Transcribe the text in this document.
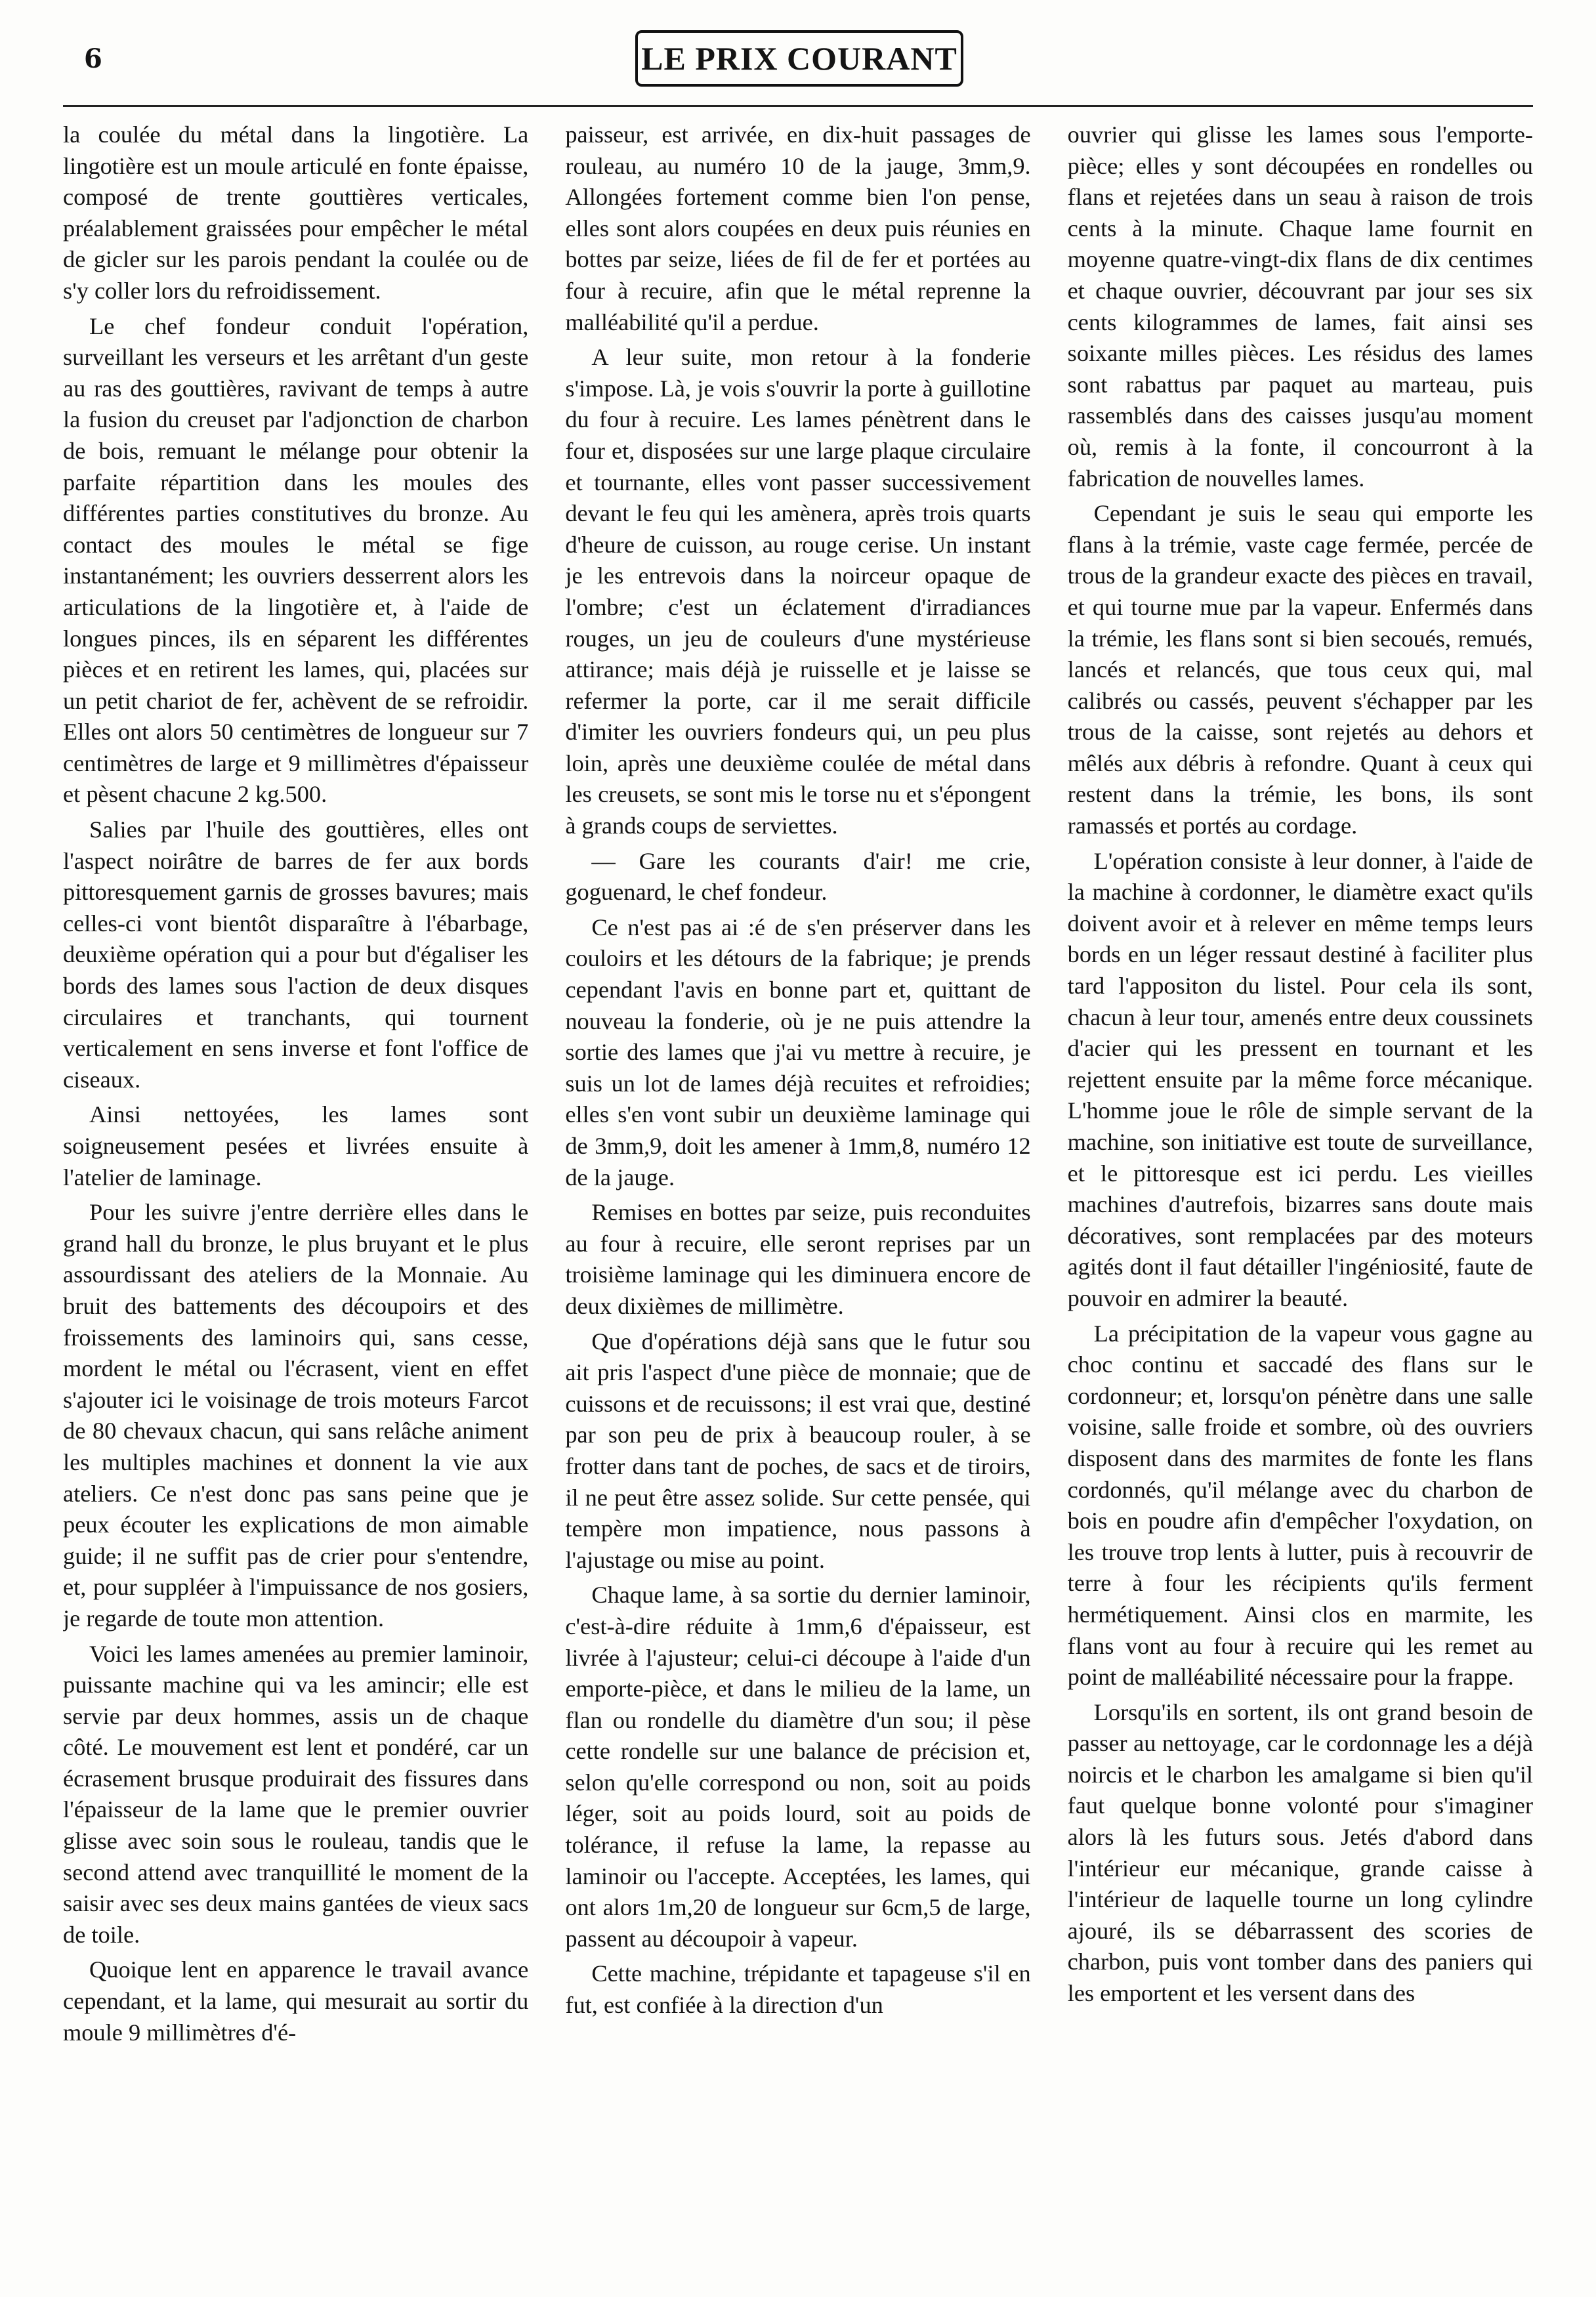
6	LE PRIX COURANT

la coulée du métal dans la lingotière. La lingotière est un moule articulé en fonte épaisse, composé de trente gouttières verticales, préalablement graissées pour empêcher le métal de gicler sur les parois pendant la coulée ou de s'y coller lors du refroidissement.

Le chef fondeur conduit l'opération, surveillant les verseurs et les arrêtant d'un geste au ras des gouttières, ravivant de temps à autre la fusion du creuset par l'adjonction de charbon de bois, remuant le mélange pour obtenir la parfaite répartition dans les moules des différentes parties constitutives du bronze. Au contact des moules le métal se fige instantanément; les ouvriers desserrent alors les articulations de la lingotière et, à l'aide de longues pinces, ils en séparent les différentes pièces et en retirent les lames, qui, placées sur un petit chariot de fer, achèvent de se refroidir. Elles ont alors 50 centimètres de longueur sur 7 centimètres de large et 9 millimètres d'épaisseur et pèsent chacune 2 kg.500.

Salies par l'huile des gouttières, elles ont l'aspect noirâtre de barres de fer aux bords pittoresquement garnis de grosses bavures; mais celles-ci vont bientôt disparaître à l'ébarbage, deuxième opération qui a pour but d'égaliser les bords des lames sous l'action de deux disques circulaires et tranchants, qui tournent verticalement en sens inverse et font l'office de ciseaux.

Ainsi nettoyées, les lames sont soigneusement pesées et livrées ensuite à l'atelier de laminage.

Pour les suivre j'entre derrière elles dans le grand hall du bronze, le plus bruyant et le plus assourdissant des ateliers de la Monnaie. Au bruit des battements des découpoirs et des froissements des laminoirs qui, sans cesse, mordent le métal ou l'écrasent, vient en effet s'ajouter ici le voisinage de trois moteurs Farcot de 80 chevaux chacun, qui sans relâche animent les multiples machines et donnent la vie aux ateliers. Ce n'est donc pas sans peine que je peux écouter les explications de mon aimable guide; il ne suffit pas de crier pour s'entendre, et, pour suppléer à l'impuissance de nos gosiers, je regarde de toute mon attention.

Voici les lames amenées au premier laminoir, puissante machine qui va les amincir; elle est servie par deux hommes, assis un de chaque côté. Le mouvement est lent et pondéré, car un écrasement brusque produirait des fissures dans l'épaisseur de la lame que le premier ouvrier glisse avec soin sous le rouleau, tandis que le second attend avec tranquillité le moment de la saisir avec ses deux mains gantées de vieux sacs de toile.

Quoique lent en apparence le travail avance cependant, et la lame, qui mesurait au sortir du moule 9 millimètres d'é-

paisseur, est arrivée, en dix-huit passages de rouleau, au numéro 10 de la jauge, 3mm,9. Allongées fortement comme bien l'on pense, elles sont alors coupées en deux puis réunies en bottes par seize, liées de fil de fer et portées au four à recuire, afin que le métal reprenne la malléabilité qu'il a perdue.

A leur suite, mon retour à la fonderie s'impose. Là, je vois s'ouvrir la porte à guillotine du four à recuire. Les lames pénètrent dans le four et, disposées sur une large plaque circulaire et tournante, elles vont passer successivement devant le feu qui les amènera, après trois quarts d'heure de cuisson, au rouge cerise. Un instant je les entrevois dans la noirceur opaque de l'ombre; c'est un éclatement d'irradiances rouges, un jeu de couleurs d'une mystérieuse attirance; mais déjà je ruisselle et je laisse se refermer la porte, car il me serait difficile d'imiter les ouvriers fondeurs qui, un peu plus loin, après une deuxième coulée de métal dans les creusets, se sont mis le torse nu et s'épongent à grands coups de serviettes.

— Gare les courants d'air! me crie, goguenard, le chef fondeur.

Ce n'est pas ai :é de s'en préserver dans les couloirs et les détours de la fabrique; je prends cependant l'avis en bonne part et, quittant de nouveau la fonderie, où je ne puis attendre la sortie des lames que j'ai vu mettre à recuire, je suis un lot de lames déjà recuites et refroidies; elles s'en vont subir un deuxième laminage qui de 3mm,9, doit les amener à 1mm,8, numéro 12 de la jauge.

Remises en bottes par seize, puis reconduites au four à recuire, elle seront reprises par un troisième laminage qui les diminuera encore de deux dixièmes de millimètre.

Que d'opérations déjà sans que le futur sou ait pris l'aspect d'une pièce de monnaie; que de cuissons et de recuissons; il est vrai que, destiné par son peu de prix à beaucoup rouler, à se frotter dans tant de poches, de sacs et de tiroirs, il ne peut être assez solide. Sur cette pensée, qui tempère mon impatience, nous passons à l'ajustage ou mise au point.

Chaque lame, à sa sortie du dernier laminoir, c'est-à-dire réduite à 1mm,6 d'épaisseur, est livrée à l'ajusteur; celui-ci découpe à l'aide d'un emporte-pièce, et dans le milieu de la lame, un flan ou rondelle du diamètre d'un sou; il pèse cette rondelle sur une balance de précision et, selon qu'elle correspond ou non, soit au poids léger, soit au poids lourd, soit au poids de tolérance, il refuse la lame, la repasse au laminoir ou l'accepte. Acceptées, les lames, qui ont alors 1m,20 de longueur sur 6cm,5 de large, passent au découpoir à vapeur.

Cette machine, trépidante et tapageuse s'il en fut, est confiée à la direction d'un

ouvrier qui glisse les lames sous l'emporte-pièce; elles y sont découpées en rondelles ou flans et rejetées dans un seau à raison de trois cents à la minute. Chaque lame fournit en moyenne quatre-vingt-dix flans de dix centimes et chaque ouvrier, découvrant par jour ses six cents kilogrammes de lames, fait ainsi ses soixante milles pièces. Les résidus des lames sont rabattus par paquet au marteau, puis rassemblés dans des caisses jusqu'au moment où, remis à la fonte, il concourront à la fabrication de nouvelles lames.

Cependant je suis le seau qui emporte les flans à la trémie, vaste cage fermée, percée de trous de la grandeur exacte des pièces en travail, et qui tourne mue par la vapeur. Enfermés dans la trémie, les flans sont si bien secoués, remués, lancés et relancés, que tous ceux qui, mal calibrés ou cassés, peuvent s'échapper par les trous de la caisse, sont rejetés au dehors et mêlés aux débris à refondre. Quant à ceux qui restent dans la trémie, les bons, ils sont ramassés et portés au cordage.

L'opération consiste à leur donner, à l'aide de la machine à cordonner, le diamètre exact qu'ils doivent avoir et à relever en même temps leurs bords en un léger ressaut destiné à faciliter plus tard l'appositon du listel. Pour cela ils sont, chacun à leur tour, amenés entre deux coussinets d'acier qui les pressent en tournant et les rejettent ensuite par la même force mécanique. L'homme joue le rôle de simple servant de la machine, son initiative est toute de surveillance, et le pittoresque est ici perdu. Les vieilles machines d'autrefois, bizarres sans doute mais décoratives, sont remplacées par des moteurs agités dont il faut détailler l'ingéniosité, faute de pouvoir en admirer la beauté.

La précipitation de la vapeur vous gagne au choc continu et saccadé des flans sur le cordonneur; et, lorsqu'on pénètre dans une salle voisine, salle froide et sombre, où des ouvriers disposent dans des marmites de fonte les flans cordonnés, qu'il mélange avec du charbon de bois en poudre afin d'empêcher l'oxydation, on les trouve trop lents à lutter, puis à recouvrir de terre à four les récipients qu'ils ferment hermétiquement. Ainsi clos en marmite, les flans vont au four à recuire qui les remet au point de malléabilité nécessaire pour la frappe.

Lorsqu'ils en sortent, ils ont grand besoin de passer au nettoyage, car le cordonnage les a déjà noircis et le charbon les amalgame si bien qu'il faut quelque bonne volonté pour s'imaginer alors là les futurs sous. Jetés d'abord dans l'intérieur eur mécanique, grande caisse à l'intérieur de laquelle tourne un long cylindre ajouré, ils se débarrassent des scories de charbon, puis vont tomber dans des paniers qui les emportent et les versent dans des
